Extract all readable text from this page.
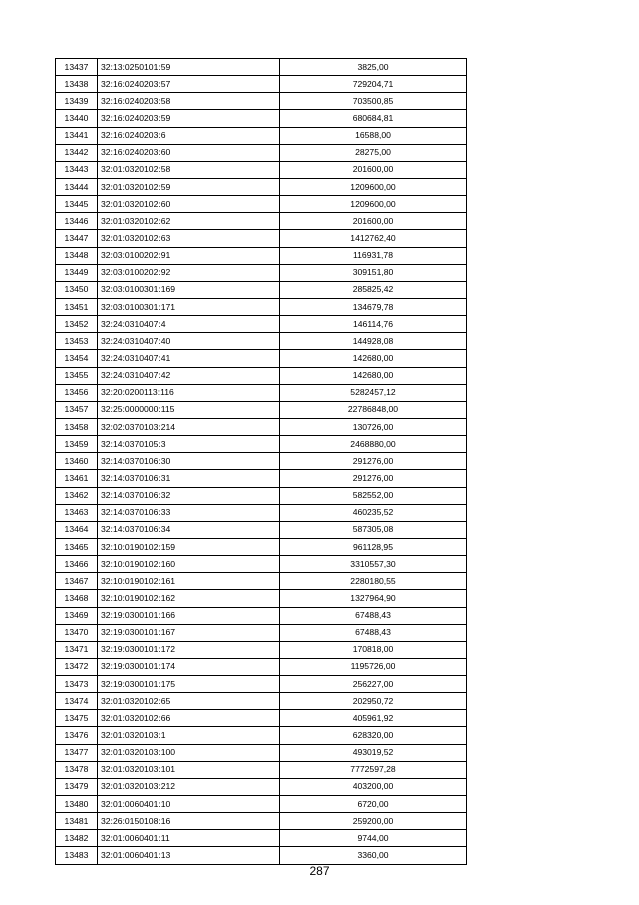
13437	32:13:0250101:59	3825,00
13438	32:16:0240203:57	729204,71
13439	32:16:0240203:58	703500,85
13440	32:16:0240203:59	680684,81
13441	32:16:0240203:6	16588,00
13442	32:16:0240203:60	28275,00
13443	32:01:0320102:58	201600,00
13444	32:01:0320102:59	1209600,00
13445	32:01:0320102:60	1209600,00
13446	32:01:0320102:62	201600,00
13447	32:01:0320102:63	1412762,40
13448	32:03:0100202:91	116931,78
13449	32:03:0100202:92	309151,80
13450	32:03:0100301:169	285825,42
13451	32:03:0100301:171	134679,78
13452	32:24:0310407:4	146114,76
13453	32:24:0310407:40	144928,08
13454	32:24:0310407:41	142680,00
13455	32:24:0310407:42	142680,00
13456	32:20:0200113:116	5282457,12
13457	32:25:0000000:115	22786848,00
13458	32:02:0370103:214	130726,00
13459	32:14:0370105:3	2468880,00
13460	32:14:0370106:30	291276,00
13461	32:14:0370106:31	291276,00
13462	32:14:0370106:32	582552,00
13463	32:14:0370106:33	460235,52
13464	32:14:0370106:34	587305,08
13465	32:10:0190102:159	961128,95
13466	32:10:0190102:160	3310557,30
13467	32:10:0190102:161	2280180,55
13468	32:10:0190102:162	1327964,90
13469	32:19:0300101:166	67488,43
13470	32:19:0300101:167	67488,43
13471	32:19:0300101:172	170818,00
13472	32:19:0300101:174	1195726,00
13473	32:19:0300101:175	256227,00
13474	32:01:0320102:65	202950,72
13475	32:01:0320102:66	405961,92
13476	32:01:0320103:1	628320,00
13477	32:01:0320103:100	493019,52
13478	32:01:0320103:101	7772597,28
13479	32:01:0320103:212	403200,00
13480	32:01:0060401:10	6720,00
13481	32:26:0150108:16	259200,00
13482	32:01:0060401:11	9744,00
13483	32:01:0060401:13	3360,00
287
